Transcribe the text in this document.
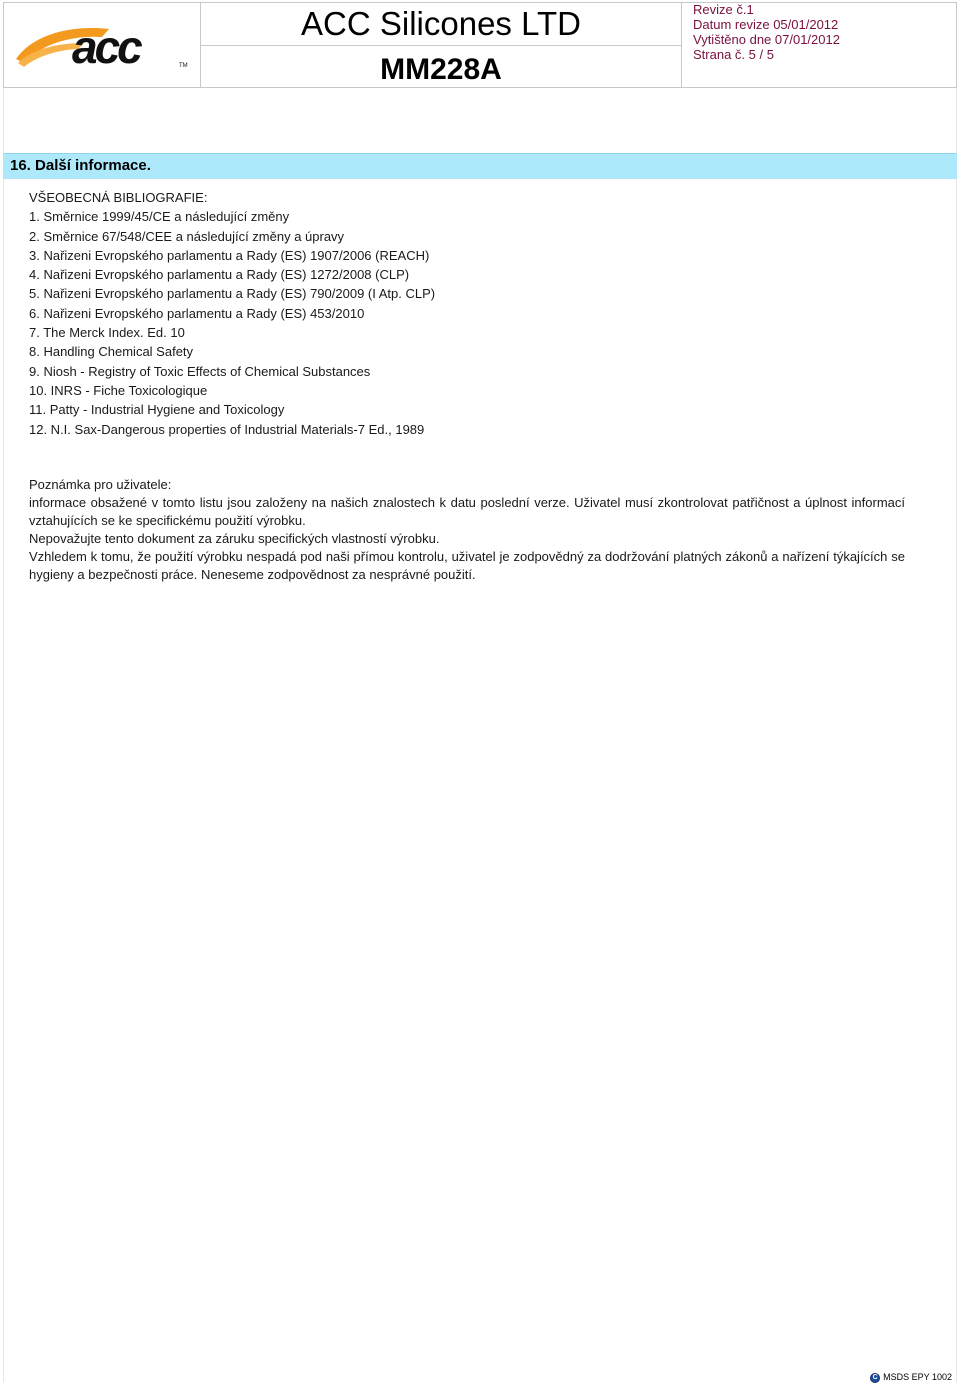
acc	TM
ACC Silicones LTD
MM228A
Revize č.1
Datum revize 05/01/2012
Vytištěno dne 07/01/2012
Strana č. 5 / 5
16. Další informace.
VŠEOBECNÁ BIBLIOGRAFIE:
1. Směrnice 1999/45/CE a následující změny
2. Směrnice 67/548/CEE a následující změny a úpravy
3. Nařizeni Evropského parlamentu a Rady (ES) 1907/2006 (REACH)
4. Nařizeni Evropského parlamentu a Rady (ES) 1272/2008 (CLP)
5. Nařizeni Evropského parlamentu a Rady (ES) 790/2009 (I Atp. CLP)
6. Nařizeni Evropského parlamentu a Rady (ES) 453/2010
7. The Merck Index. Ed. 10
8. Handling Chemical Safety
9. Niosh - Registry of Toxic Effects of Chemical Substances
10. INRS - Fiche Toxicologique
11. Patty - Industrial Hygiene and Toxicology
12. N.I. Sax-Dangerous properties of Industrial Materials-7 Ed., 1989

Poznámka pro uživatele:

informace obsažené v tomto listu jsou založeny na našich znalostech k datu poslední verze. Uživatel musí zkontrolovat patřičnost a úplnost informací vztahujících se ke specifickému použití výrobku.

Nepovažujte tento dokument za záruku specifických vlastností výrobku.

Vzhledem k tomu, že použití výrobku nespadá pod naši přímou kontrolu, uživatel je zodpovědný za dodržování platných zákonů a nařízení týkajících se hygieny a bezpečnosti práce. Neneseme zodpovědnost za nesprávné použití.

C MSDS EPY 1002
